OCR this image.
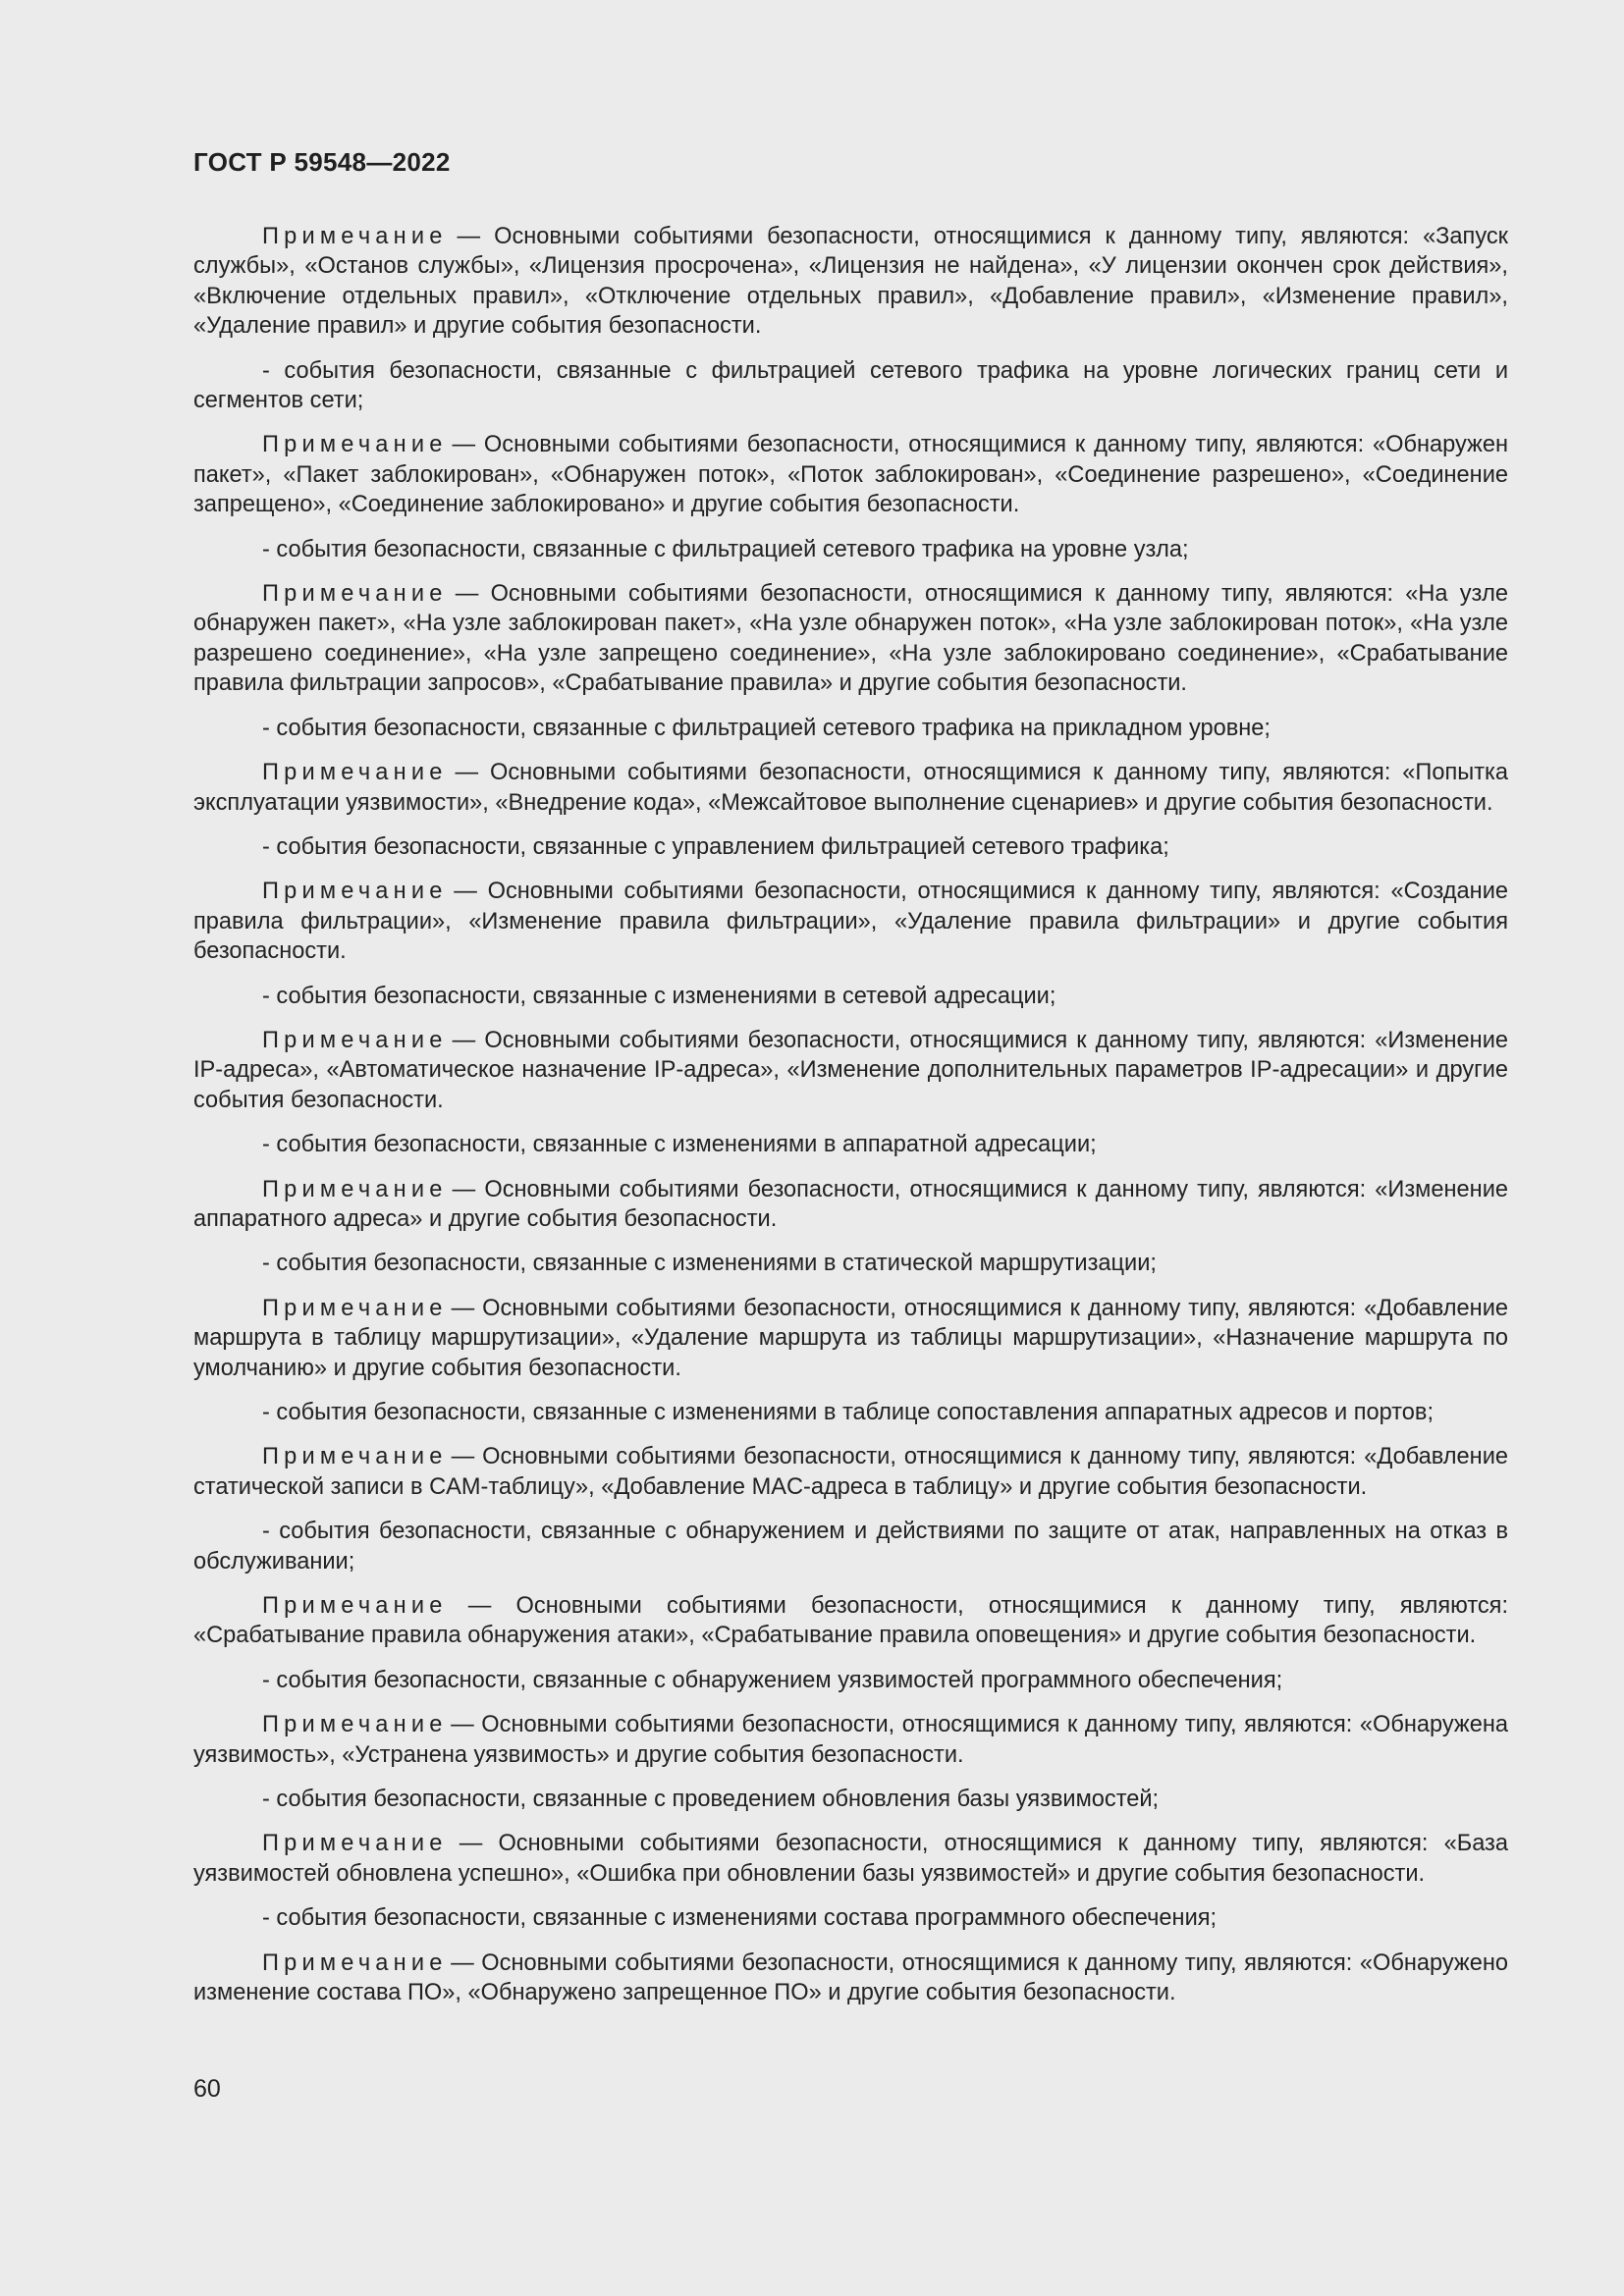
ГОСТ Р 59548—2022

Примечание — Основными событиями безопасности, относящимися к данному типу, являются: «Запуск службы», «Останов службы», «Лицензия просрочена», «Лицензия не найдена», «У лицензии окончен срок действия», «Включение отдельных правил», «Отключение отдельных правил», «Добавление правил», «Изменение правил», «Удаление правил» и другие события безопасности.

- события безопасности, связанные с фильтрацией сетевого трафика на уровне логических границ сети и сегментов сети;

Примечание — Основными событиями безопасности, относящимися к данному типу, являются: «Обнаружен пакет», «Пакет заблокирован», «Обнаружен поток», «Поток заблокирован», «Соединение разрешено», «Соединение запрещено», «Соединение заблокировано» и другие события безопасности.

- события безопасности, связанные с фильтрацией сетевого трафика на уровне узла;

Примечание — Основными событиями безопасности, относящимися к данному типу, являются: «На узле обнаружен пакет», «На узле заблокирован пакет», «На узле обнаружен поток», «На узле заблокирован поток», «На узле разрешено соединение», «На узле запрещено соединение», «На узле заблокировано соединение», «Срабатывание правила фильтрации запросов», «Срабатывание правила» и другие события безопасности.

- события безопасности, связанные с фильтрацией сетевого трафика на прикладном уровне;

Примечание — Основными событиями безопасности, относящимися к данному типу, являются: «Попытка эксплуатации уязвимости», «Внедрение кода», «Межсайтовое выполнение сценариев» и другие события безопасности.

- события безопасности, связанные с управлением фильтрацией сетевого трафика;

Примечание — Основными событиями безопасности, относящимися к данному типу, являются: «Создание правила фильтрации», «Изменение правила фильтрации», «Удаление правила фильтрации» и другие события безопасности.

- события безопасности, связанные с изменениями в сетевой адресации;

Примечание — Основными событиями безопасности, относящимися к данному типу, являются: «Изменение IP-адреса», «Автоматическое назначение IP-адреса», «Изменение дополнительных параметров IP-адресации» и другие события безопасности.

- события безопасности, связанные с изменениями в аппаратной адресации;

Примечание — Основными событиями безопасности, относящимися к данному типу, являются: «Изменение аппаратного адреса» и другие события безопасности.

- события безопасности, связанные с изменениями в статической маршрутизации;

Примечание — Основными событиями безопасности, относящимися к данному типу, являются: «Добавление маршрута в таблицу маршрутизации», «Удаление маршрута из таблицы маршрутизации», «Назначение маршрута по умолчанию» и другие события безопасности.

- события безопасности, связанные с изменениями в таблице сопоставления аппаратных адресов и портов;

Примечание — Основными событиями безопасности, относящимися к данному типу, являются: «Добавление статической записи в CAM-таблицу», «Добавление MAC-адреса в таблицу» и другие события безопасности.

- события безопасности, связанные с обнаружением и действиями по защите от атак, направленных на отказ в обслуживании;

Примечание — Основными событиями безопасности, относящимися к данному типу, являются: «Срабатывание правила обнаружения атаки», «Срабатывание правила оповещения» и другие события безопасности.

- события безопасности, связанные с обнаружением уязвимостей программного обеспечения;

Примечание — Основными событиями безопасности, относящимися к данному типу, являются: «Обнаружена уязвимость», «Устранена уязвимость» и другие события безопасности.

- события безопасности, связанные с проведением обновления базы уязвимостей;

Примечание — Основными событиями безопасности, относящимися к данному типу, являются: «База уязвимостей обновлена успешно», «Ошибка при обновлении базы уязвимостей» и другие события безопасности.

- события безопасности, связанные с изменениями состава программного обеспечения;

Примечание — Основными событиями безопасности, относящимися к данному типу, являются: «Обнаружено изменение состава ПО», «Обнаружено запрещенное ПО» и другие события безопасности.

60
